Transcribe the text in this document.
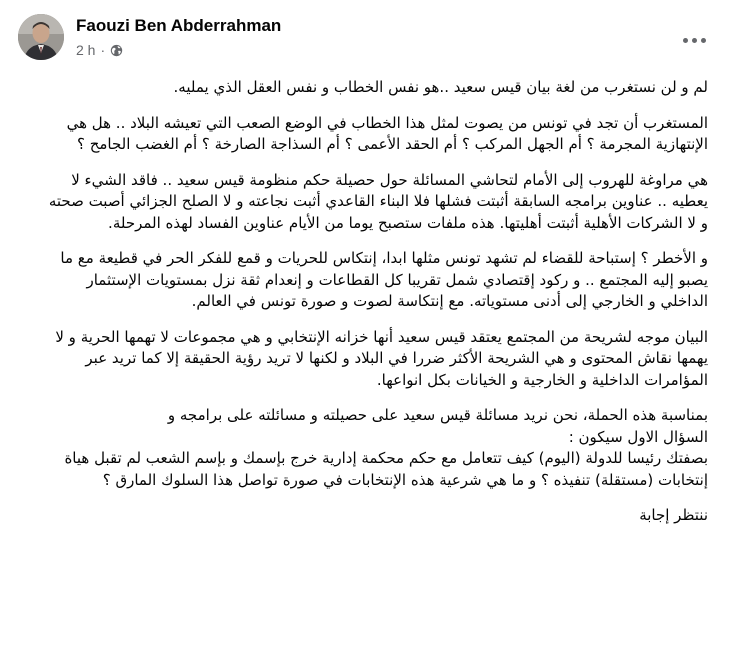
Faouzi Ben Abderrahman
2 h ·

لم و لن نستغرب من لغة بيان قيس سعيد ..هو نفس الخطاب و نفس العقل الذي يمليه.

المستغرب أن تجد في تونس من يصوت لمثل هذا الخطاب في الوضع الصعب التي تعيشه البلاد .. هل هي الإنتهازية المجرمة ؟ أم الجهل المركب ؟ أم الحقد الأعمى ؟ أم السذاجة الصارخة ؟ أم الغضب الجامح ؟

هي مراوغة للهروب إلى الأمام لتحاشي المسائلة حول حصيلة حكم منظومة قيس سعيد .. فاقد الشيء لا يعطيه .. عناوين برامجه السابقة أثبتت فشلها فلا البناء القاعدي أثبت نجاعته و لا الصلح الجزائي أصبت صحته و لا الشركات الأهلية أثبتت أهليتها. هذه ملفات ستصبح يوما من الأيام عناوين الفساد لهذه المرحلة.

و الأخطر ؟ إستباحة للقضاء لم تشهد تونس مثلها ابدا، إنتكاس للحريات و قمع للفكر الحر في قطيعة مع ما يصبو إليه المجتمع .. و ركود إقتصادي شمل تقريبا كل القطاعات و إنعدام ثقة نزل بمستويات الإستثمار الداخلي و الخارجي إلى أدنى مستوياته. مع إنتكاسة لصوت و صورة تونس في العالم.

البيان موجه لشريحة من المجتمع يعتقد قيس سعيد أنها خزانه الإنتخابي و هي مجموعات لا تهمها الحرية و لا يهمها نقاش المحتوى و هي الشريحة الأكثر ضررا في البلاد و لكنها لا تريد رؤية الحقيقة إلا كما تريد عبر المؤامرات الداخلية و الخارجية و الخيانات بكل انواعها.

بمناسبة هذه الحملة، نحن نريد مسائلة قيس سعيد على حصيلته و مسائلته على برامجه و
السؤال الاول سيكون :
بصفتك رئيسا للدولة (اليوم) كيف تتعامل مع حكم محكمة إدارية خرج بإسمك و بإسم الشعب لم تقبل هياة إنتخابات (مستقلة) تنفيذه ؟ و ما هي شرعية هذه الإنتخابات في صورة تواصل هذا السلوك المارق ؟

ننتظر إجابة
